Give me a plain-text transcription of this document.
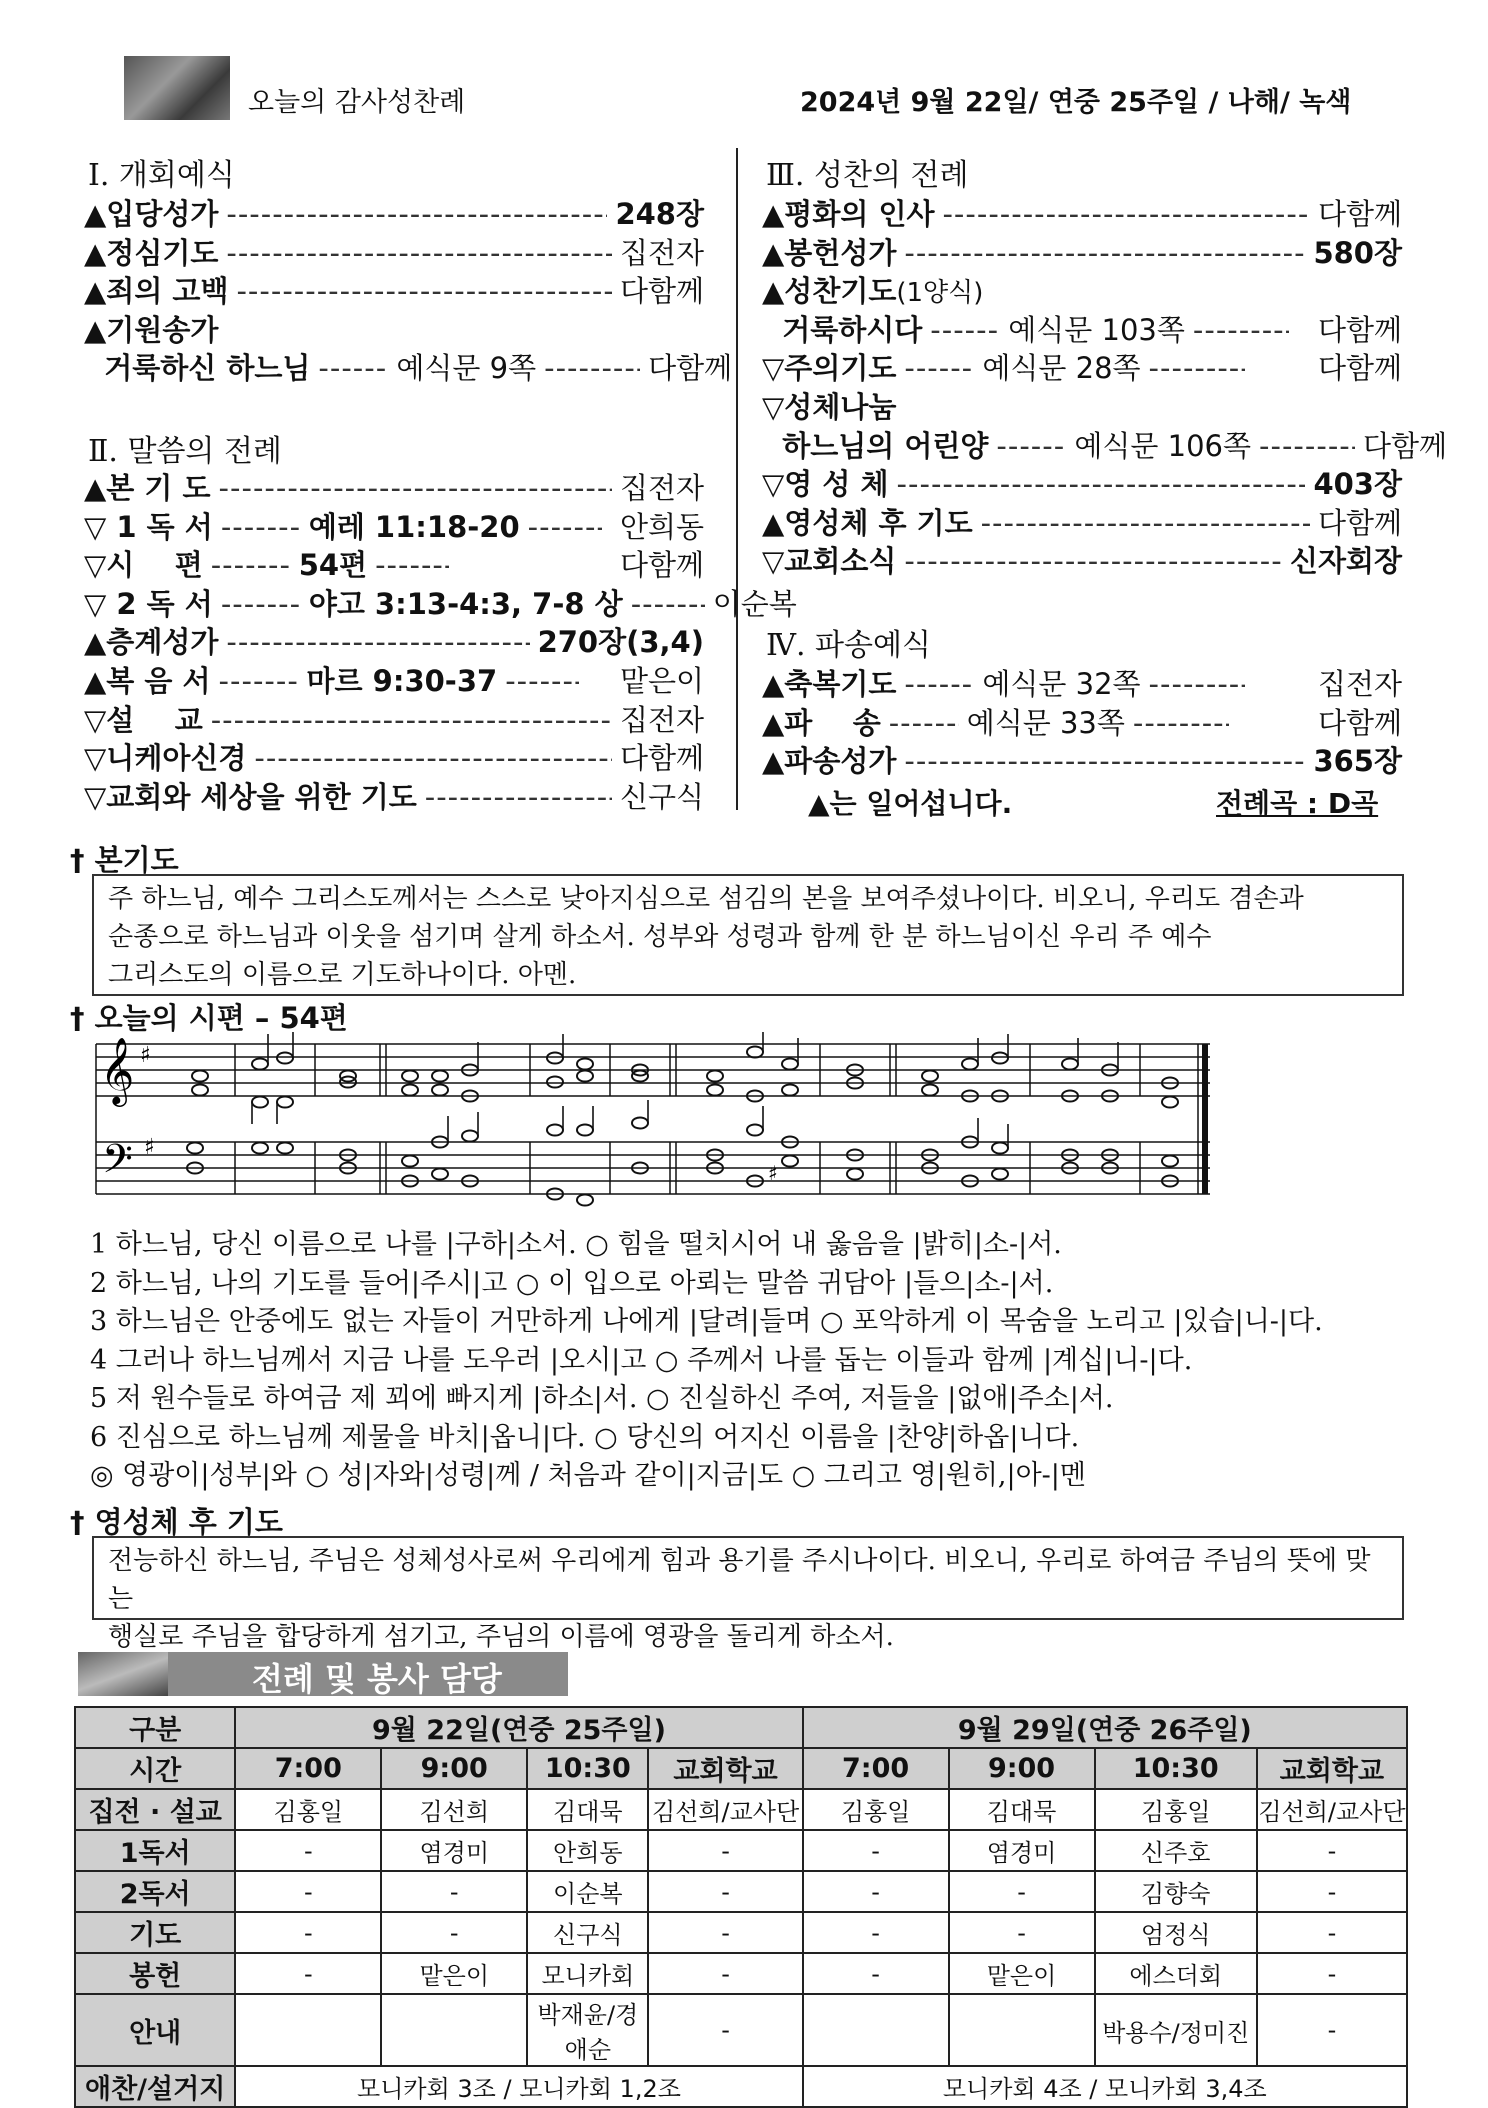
오늘의 감사성찬례	2024년 9월 22일/ 연중 25주일 / 나해/ 녹색
Ⅰ. 개회예식
▲입당성가 -----	248장
▲정심기도 -----	집전자
▲죄의 고백 -----	다함께
▲기원송가
거룩하신 하느님 -----	예식문 9쪽 -----	다함께
Ⅱ. 말씀의 전례
▲본 기 도 -----	집전자
▽ 1 독 서 -----	예레 11:18-20 -----	안희동
▽시    편 -----	54편 -----	다함께
▽ 2 독 서 -----	야고 3:13-4:3, 7-8 상 -----	이순복
▲층계성가 -----	270장(3,4)
▲복 음 서 -----	마르 9:30-37 -----	맡은이
▽설    교 -----	집전자
▽니케아신경 -----	다함께
▽교회와 세상을 위한 기도 -----	신구식
Ⅲ. 성찬의 전례
▲평화의 인사 -----	다함께
▲봉헌성가 -----	580장
▲성찬기도 (1양식)
거룩하시다 -----	예식문 103쪽 -----	다함께
▽주의기도 -----	예식문 28쪽 -----	다함께
▽성체나눔
하느님의 어린양 -----	예식문 106쪽 -----	다함께
▽영 성 체 -----	403장
▲영성체 후 기도 -----	다함께
▽교회소식 -----	신자회장
Ⅳ. 파송예식
▲축복기도 -----	예식문 32쪽 -----	집전자
▲파    송 -----	예식문 33쪽 -----	다함께
▲파송성가 -----	365장
▲는 일어섭니다.	전례곡 : D곡
† 본기도
주 하느님, 예수 그리스도께서는 스스로 낮아지심으로 섬김의 본을 보여주셨나이다. 비오니, 우리도 겸손과
순종으로 하느님과 이웃을 섬기며 살게 하소서. 성부와 성령과 함께 한 분 하느님이신 우리 주 예수
그리스도의 이름으로 기도하나이다. 아멘.
† 오늘의 시편 – 54편
𝄞
𝄢
♯
♯
♯
1 하느님, 당신 이름으로 나를 |구하|소서. ○ 힘을 떨치시어 내 옳음을 |밝히|소-|서.
2 하느님, 나의 기도를 들어|주시|고 ○ 이 입으로 아뢰는 말씀 귀담아 |들으|소-|서.
3 하느님은 안중에도 없는 자들이 거만하게 나에게 |달려|들며 ○ 포악하게 이 목숨을 노리고 |있습|니-|다.
4 그러나 하느님께서 지금 나를 도우러 |오시|고 ○ 주께서 나를 돕는 이들과 함께 |계십|니-|다.
5 저 원수들로 하여금 제 꾀에 빠지게 |하소|서. ○ 진실하신 주여, 저들을 |없애|주소|서.
6 진심으로 하느님께 제물을 바치|옵니|다. ○ 당신의 어지신 이름을 |찬양|하옵|니다.
◎ 영광이|성부|와 ○ 성|자와|성령|께 / 처음과 같이|지금|도 ○ 그리고 영|원히,|아-|멘
† 영성체 후 기도
전능하신 하느님, 주님은 성체성사로써 우리에게 힘과 용기를 주시나이다. 비오니, 우리로 하여금 주님의 뜻에 맞는
행실로 주님을 합당하게 섬기고, 주님의 이름에 영광을 돌리게 하소서.
전례 및 봉사 담당
구분	9월 22일(연중 25주일)				9월 29일(연중 26주일)			
시간	7:00	9:00	10:30	교회학교	7:00	9:00	10:30	교회학교
집전 · 설교	김홍일	김선희	김대묵	김선희/교사단	김홍일	김대묵	김홍일	김선희/교사단
1독서	-	염경미	안희동	-	-	염경미	신주호	-
2독서	-	-	이순복	-	-	-	김향숙	-
기도	-	-	신구식	-	-	-	엄정식	-
봉헌	-	맡은이	모니카회	-	-	맡은이	에스더회	-
안내			박재윤/경애순	-			박용수/정미진	-
애찬/설거지	모니카회 3조 / 모니카회 1,2조				모니카회 4조 / 모니카회 3,4조			
